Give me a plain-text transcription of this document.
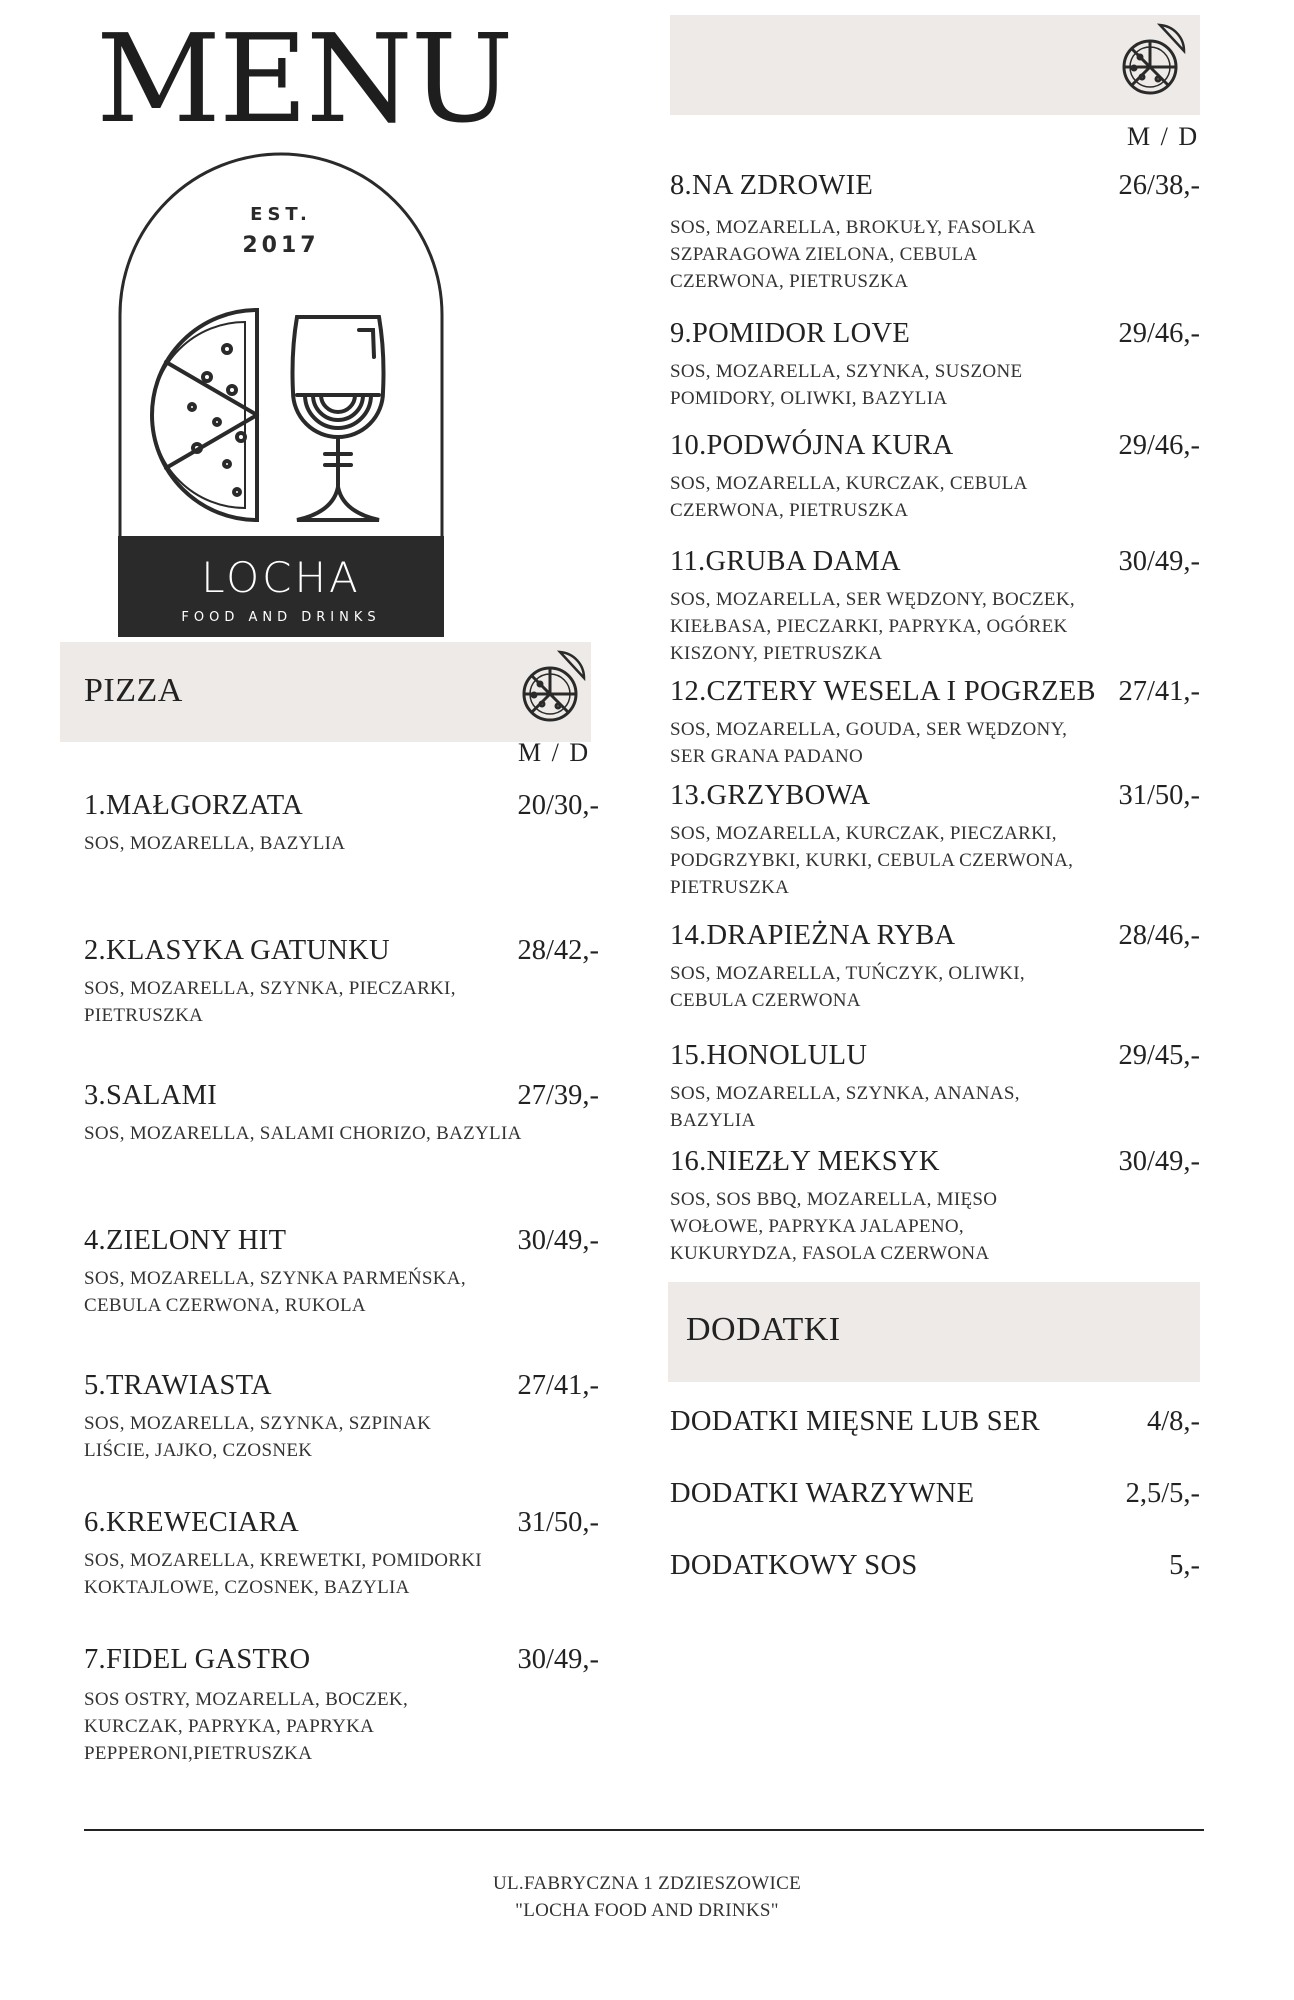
MENU
EST.
2017
LOCHA
FOOD AND DRINKS
PIZZA
M / D
1.MAŁGORZATA	20/30,-
SOS, MOZARELLA, BAZYLIA
2.KLASYKA GATUNKU	28/42,-
SOS, MOZARELLA, SZYNKA, PIECZARKI, PIETRUSZKA
3.SALAMI	27/39,-
SOS, MOZARELLA, SALAMI CHORIZO, BAZYLIA
4.ZIELONY HIT	30/49,-
SOS, MOZARELLA, SZYNKA PARMEŃSKA, CEBULA CZERWONA, RUKOLA
5.TRAWIASTA	27/41,-
SOS, MOZARELLA, SZYNKA, SZPINAK LIŚCIE, JAJKO, CZOSNEK
6.KREWECIARA	31/50,-
SOS, MOZARELLA, KREWETKI, POMIDORKI KOKTAJLOWE, CZOSNEK, BAZYLIA
7.FIDEL GASTRO	30/49,-
SOS OSTRY, MOZARELLA, BOCZEK, KURCZAK, PAPRYKA, PAPRYKA PEPPERONI,PIETRUSZKA
M / D
8.NA ZDROWIE	26/38,-
SOS, MOZARELLA, BROKUŁY, FASOLKA SZPARAGOWA ZIELONA, CEBULA CZERWONA, PIETRUSZKA
9.POMIDOR LOVE	29/46,-
SOS, MOZARELLA, SZYNKA, SUSZONE POMIDORY, OLIWKI, BAZYLIA
10.PODWÓJNA KURA	29/46,-
SOS, MOZARELLA, KURCZAK, CEBULA CZERWONA, PIETRUSZKA
11.GRUBA DAMA	30/49,-
SOS, MOZARELLA, SER WĘDZONY, BOCZEK, KIEŁBASA, PIECZARKI, PAPRYKA, OGÓREK KISZONY, PIETRUSZKA
12.CZTERY WESELA I POGRZEB 27/41,-
SOS, MOZARELLA, GOUDA, SER WĘDZONY, SER GRANA PADANO
13.GRZYBOWA	31/50,-
SOS, MOZARELLA, KURCZAK, PIECZARKI, PODGRZYBKI, KURKI, CEBULA CZERWONA, PIETRUSZKA
14.DRAPIEŻNA RYBA	28/46,-
SOS, MOZARELLA, TUŃCZYK, OLIWKI, CEBULA CZERWONA
15.HONOLULU	29/45,-
SOS, MOZARELLA, SZYNKA, ANANAS, BAZYLIA
16.NIEZŁY MEKSYK	30/49,-
SOS, SOS BBQ, MOZARELLA, MIĘSO WOŁOWE, PAPRYKA JALAPENO, KUKURYDZA, FASOLA CZERWONA
DODATKI
DODATKI MIĘSNE LUB SER	4/8,-
DODATKI WARZYWNE	2,5/5,-
DODATKOWY SOS	5,-
UL.FABRYCZNA 1 ZDZIESZOWICE
"LOCHA FOOD AND DRINKS"
